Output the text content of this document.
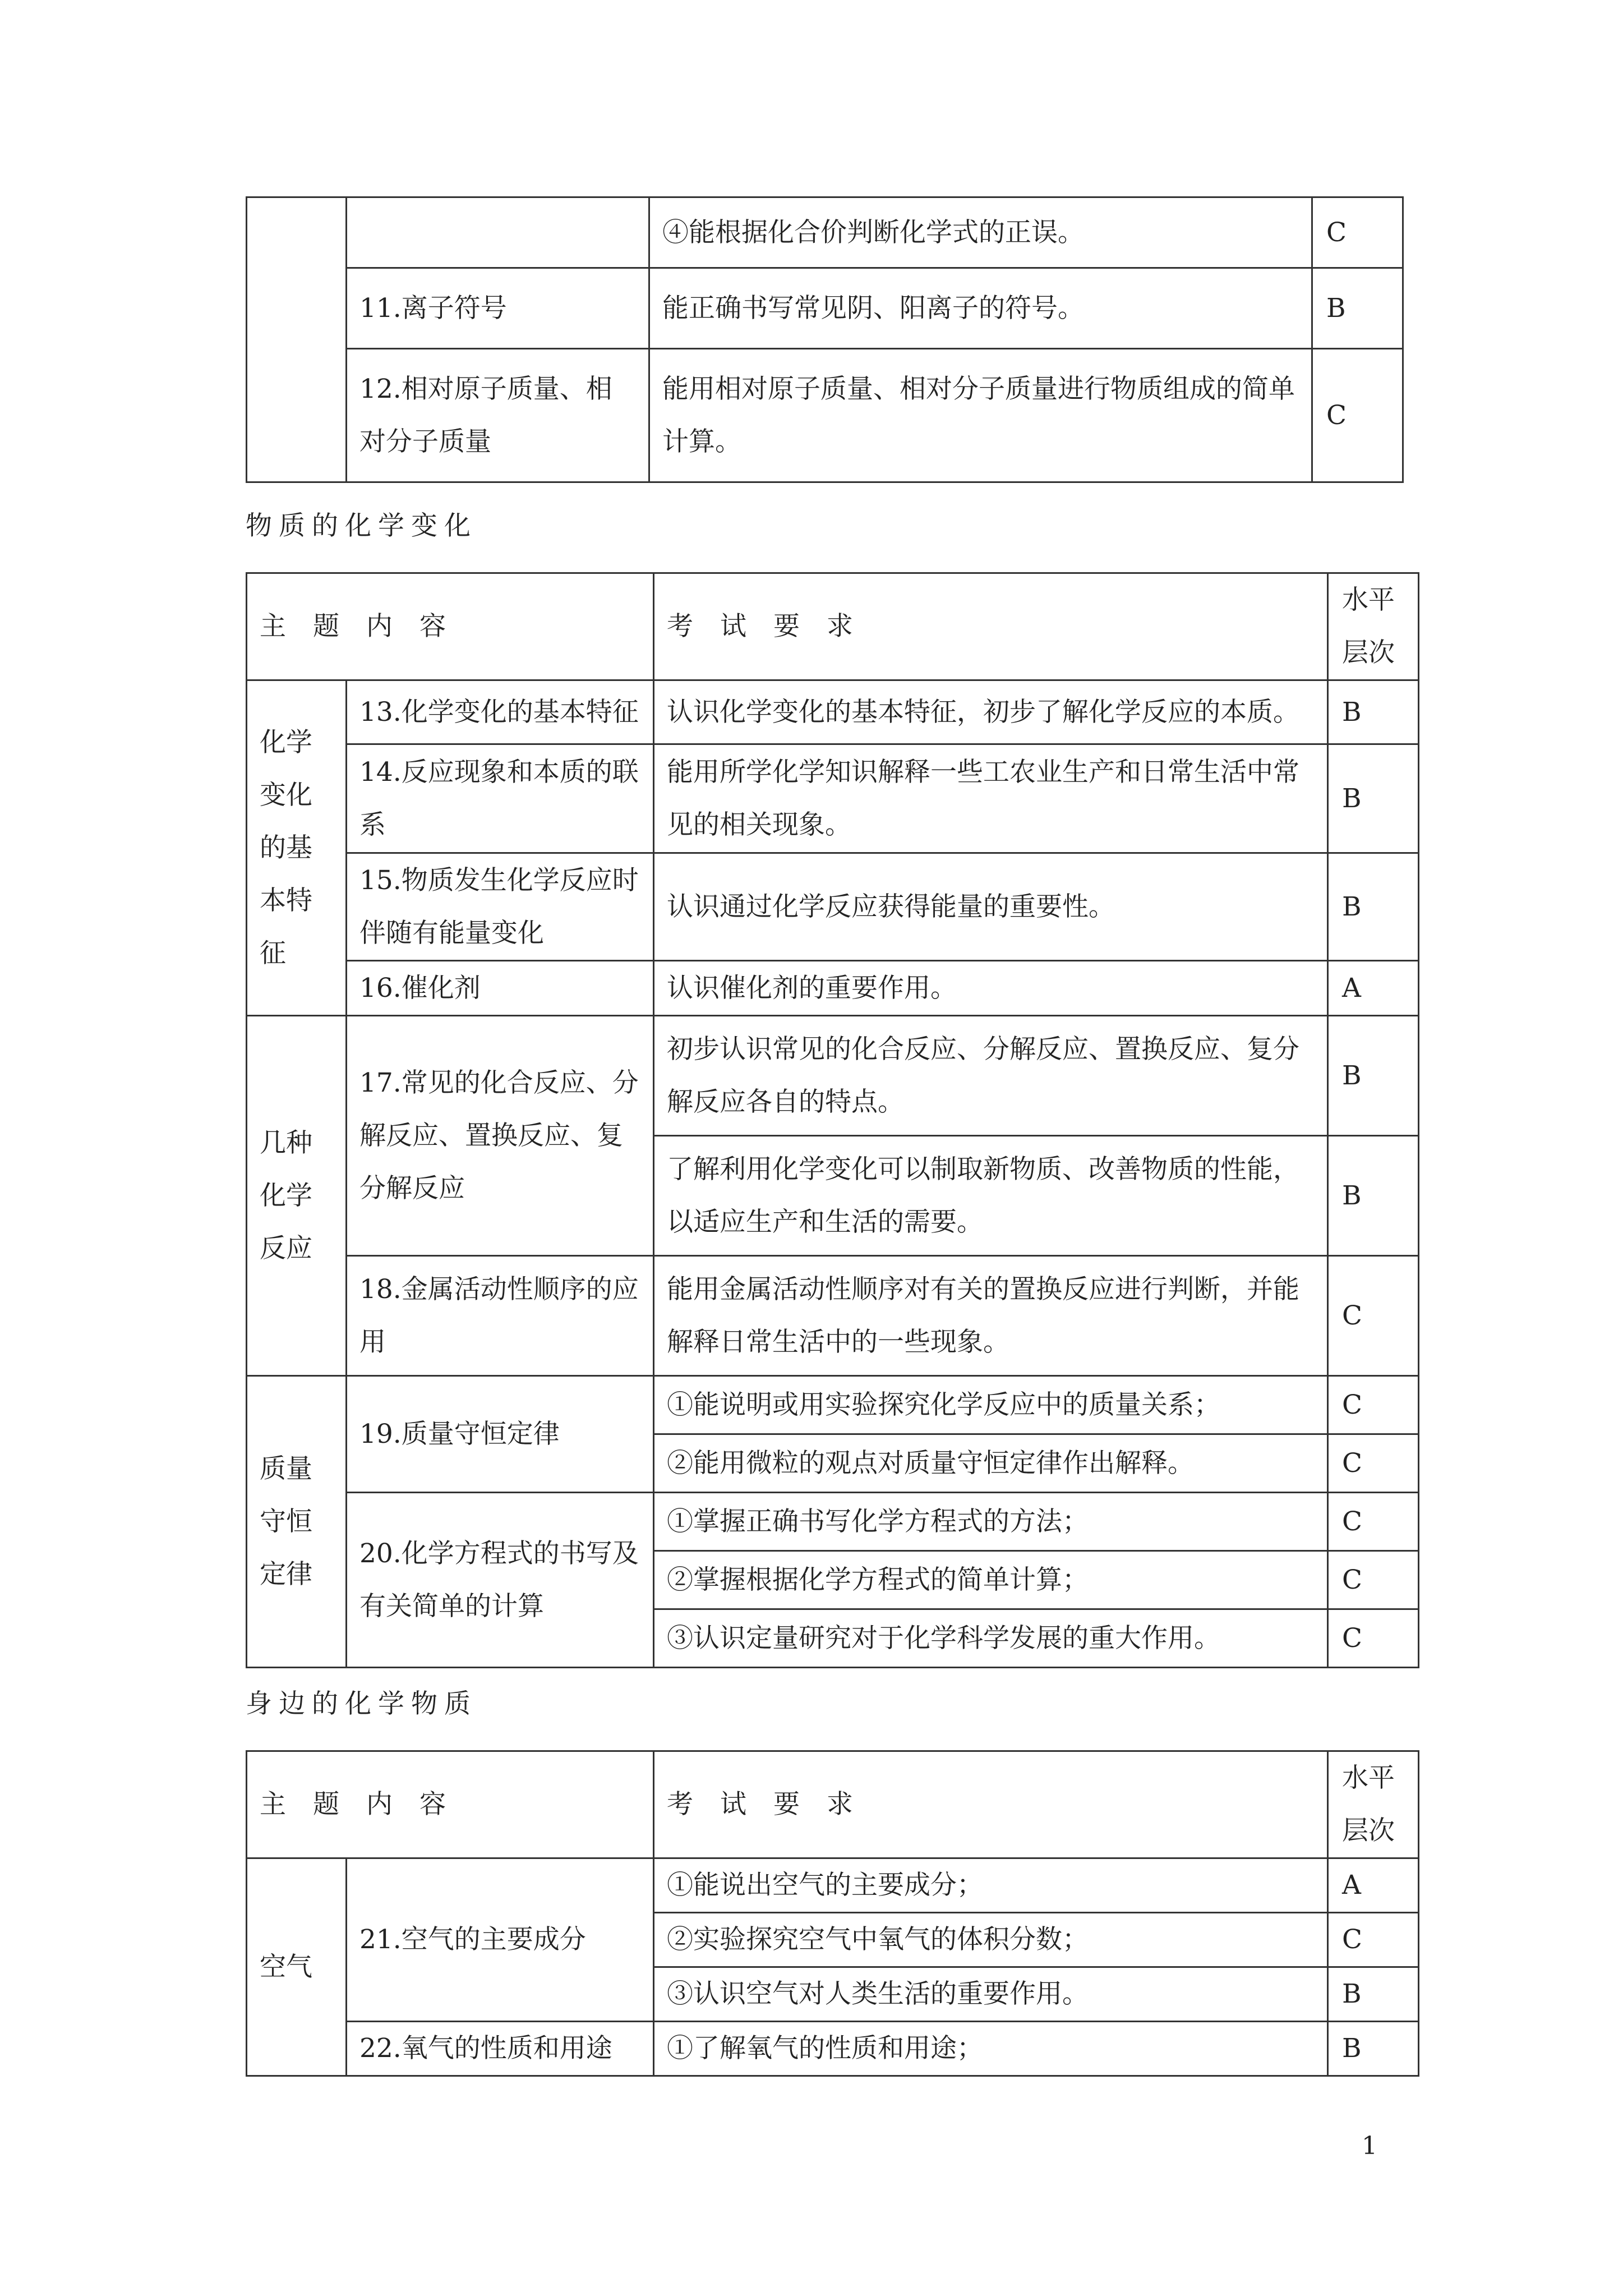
		④能根据化合价判断化学式的正误。	C
	11.离子符号	能正确书写常见阴、阳离子的符号。	B
	12.相对原子质量、相对分子质量	能用相对原子质量、相对分子质量进行物质组成的简单计算。	C
物质的化学变化
主题内容		考试要求	水平层次
化学变化的基本特征	13.化学变化的基本特征	认识化学变化的基本特征，初步了解化学反应的本质。	B
	14.反应现象和本质的联系	能用所学化学知识解释一些工农业生产和日常生活中常见的相关现象。	B
	15.物质发生化学反应时伴随有能量变化	认识通过化学反应获得能量的重要性。	B
	16.催化剂	认识催化剂的重要作用。	A
几种化学反应	17.常见的化合反应、分解反应、置换反应、复分解反应	初步认识常见的化合反应、分解反应、置换反应、复分解反应各自的特点。	B
		了解利用化学变化可以制取新物质、改善物质的性能，以适应生产和生活的需要。	B
	18.金属活动性顺序的应用	能用金属活动性顺序对有关的置换反应进行判断，并能解释日常生活中的一些现象。	C
质量守恒定律	19.质量守恒定律	①能说明或用实验探究化学反应中的质量关系；	C
		②能用微粒的观点对质量守恒定律作出解释。	C
	20.化学方程式的书写及有关简单的计算	①掌握正确书写化学方程式的方法；	C
		②掌握根据化学方程式的简单计算；	C
		③认识定量研究对于化学科学发展的重大作用。	C
身边的化学物质
主题内容		考试要求	水平层次
空气	21.空气的主要成分	①能说出空气的主要成分；	A
		②实验探究空气中氧气的体积分数；	C
		③认识空气对人类生活的重要作用。	B
	22.氧气的性质和用途	①了解氧气的性质和用途；	B
1
